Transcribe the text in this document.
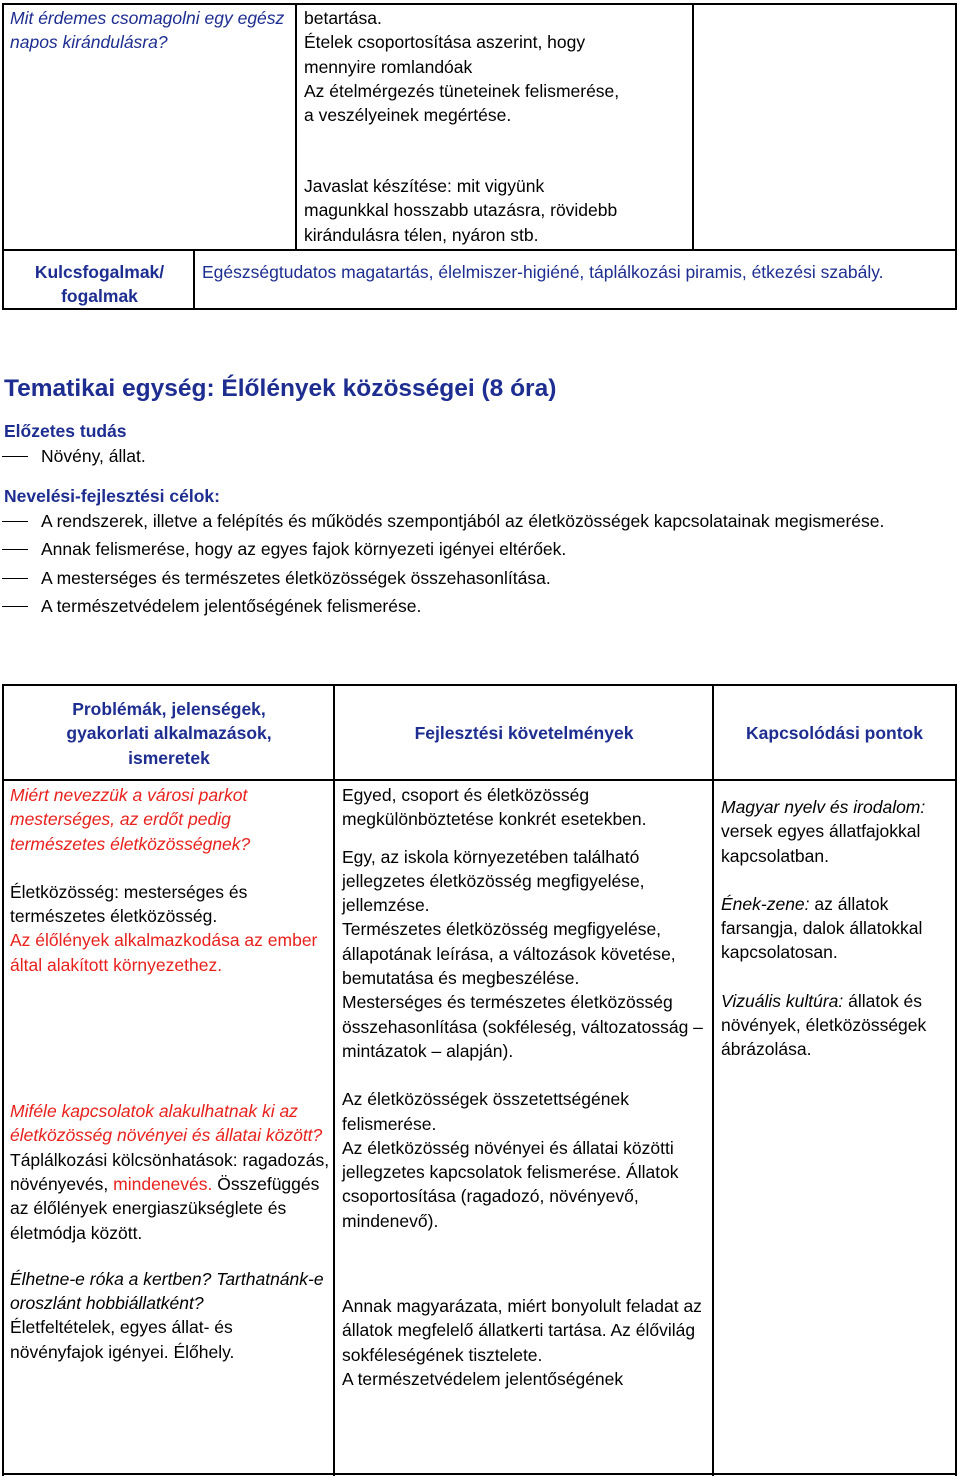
Mit érdemes csomagolni egy egész napos kirándulásra?

betartása.

Ételek csoportosítása aszerint, hogy

mennyire romlandóak

Az ételmérgezés tüneteinek felismerése,

a veszélyeinek megértése.

Javaslat készítése: mit vigyünk

magunkkal hosszabb utazásra, rövidebb

kirándulásra télen, nyáron stb.

Kulcsfogalmak/ fogalmak
Egészségtudatos magatartás, élelmiszer-higiéné, táplálkozási piramis, étkezési szabály.
Tematikai egység: Élőlények közösségei (8 óra)
Előzetes tudás
Növény, állat.
Nevelési-fejlesztési célok:
A rendszerek, illetve a felépítés és működés szempontjából az életközösségek kapcsolatainak megismerése.
Annak felismerése, hogy az egyes fajok környezeti igényei eltérőek.
A mesterséges és természetes életközösségek összehasonlítása.
A természetvédelem jelentőségének felismerése.
Problémák, jelenségek, gyakorlati alkalmazások, ismeretek
Fejlesztési követelmények	Kapcsolódási pontok

Miért nevezzük a városi parkot mesterséges, az erdőt pedig természetes életközösségnek?

Életközösség: mesterséges és természetes életközösség.

Az élőlények alkalmazkodása az ember által alakított környezethez.

Miféle kapcsolatok alakulhatnak ki az életközösség növényei és állatai között?

Táplálkozási kölcsönhatások: ragadozás, növényevés, mindenevés. Összefüggés az élőlények energiaszükséglete és életmódja között.

Élhetne-e róka a kertben? Tarthatnánk-e oroszlánt hobbiállatként?

Életfeltételek, egyes állat- és növényfajok igényei. Élőhely.

Egyed, csoport és életközösség megkülönböztetése konkrét esetekben.

Egy, az iskola környezetében található jellegzetes életközösség megfigyelése, jellemzése.

Természetes életközösség megfigyelése, állapotának leírása, a változások követése, bemutatása és megbeszélése.

Mesterséges és természetes életközösség összehasonlítása (sokféleség, változatosság – mintázatok – alapján).

Az életközösségek összetettségének felismerése.

Az életközösség növényei és állatai közötti jellegzetes kapcsolatok felismerése. Állatok csoportosítása (ragadozó, növényevő, mindenevő).

Annak magyarázata, miért bonyolult feladat az állatok megfelelő állatkerti tartása. Az élővilág sokféleségének tisztelete.

A természetvédelem jelentőségének

Magyar nyelv és irodalom: versek egyes állatfajokkal kapcsolatban.

Ének-zene: az állatok farsangja, dalok állatokkal kapcsolatosan.

Vizuális kultúra: állatok és növények, életközösségek ábrázolása.
